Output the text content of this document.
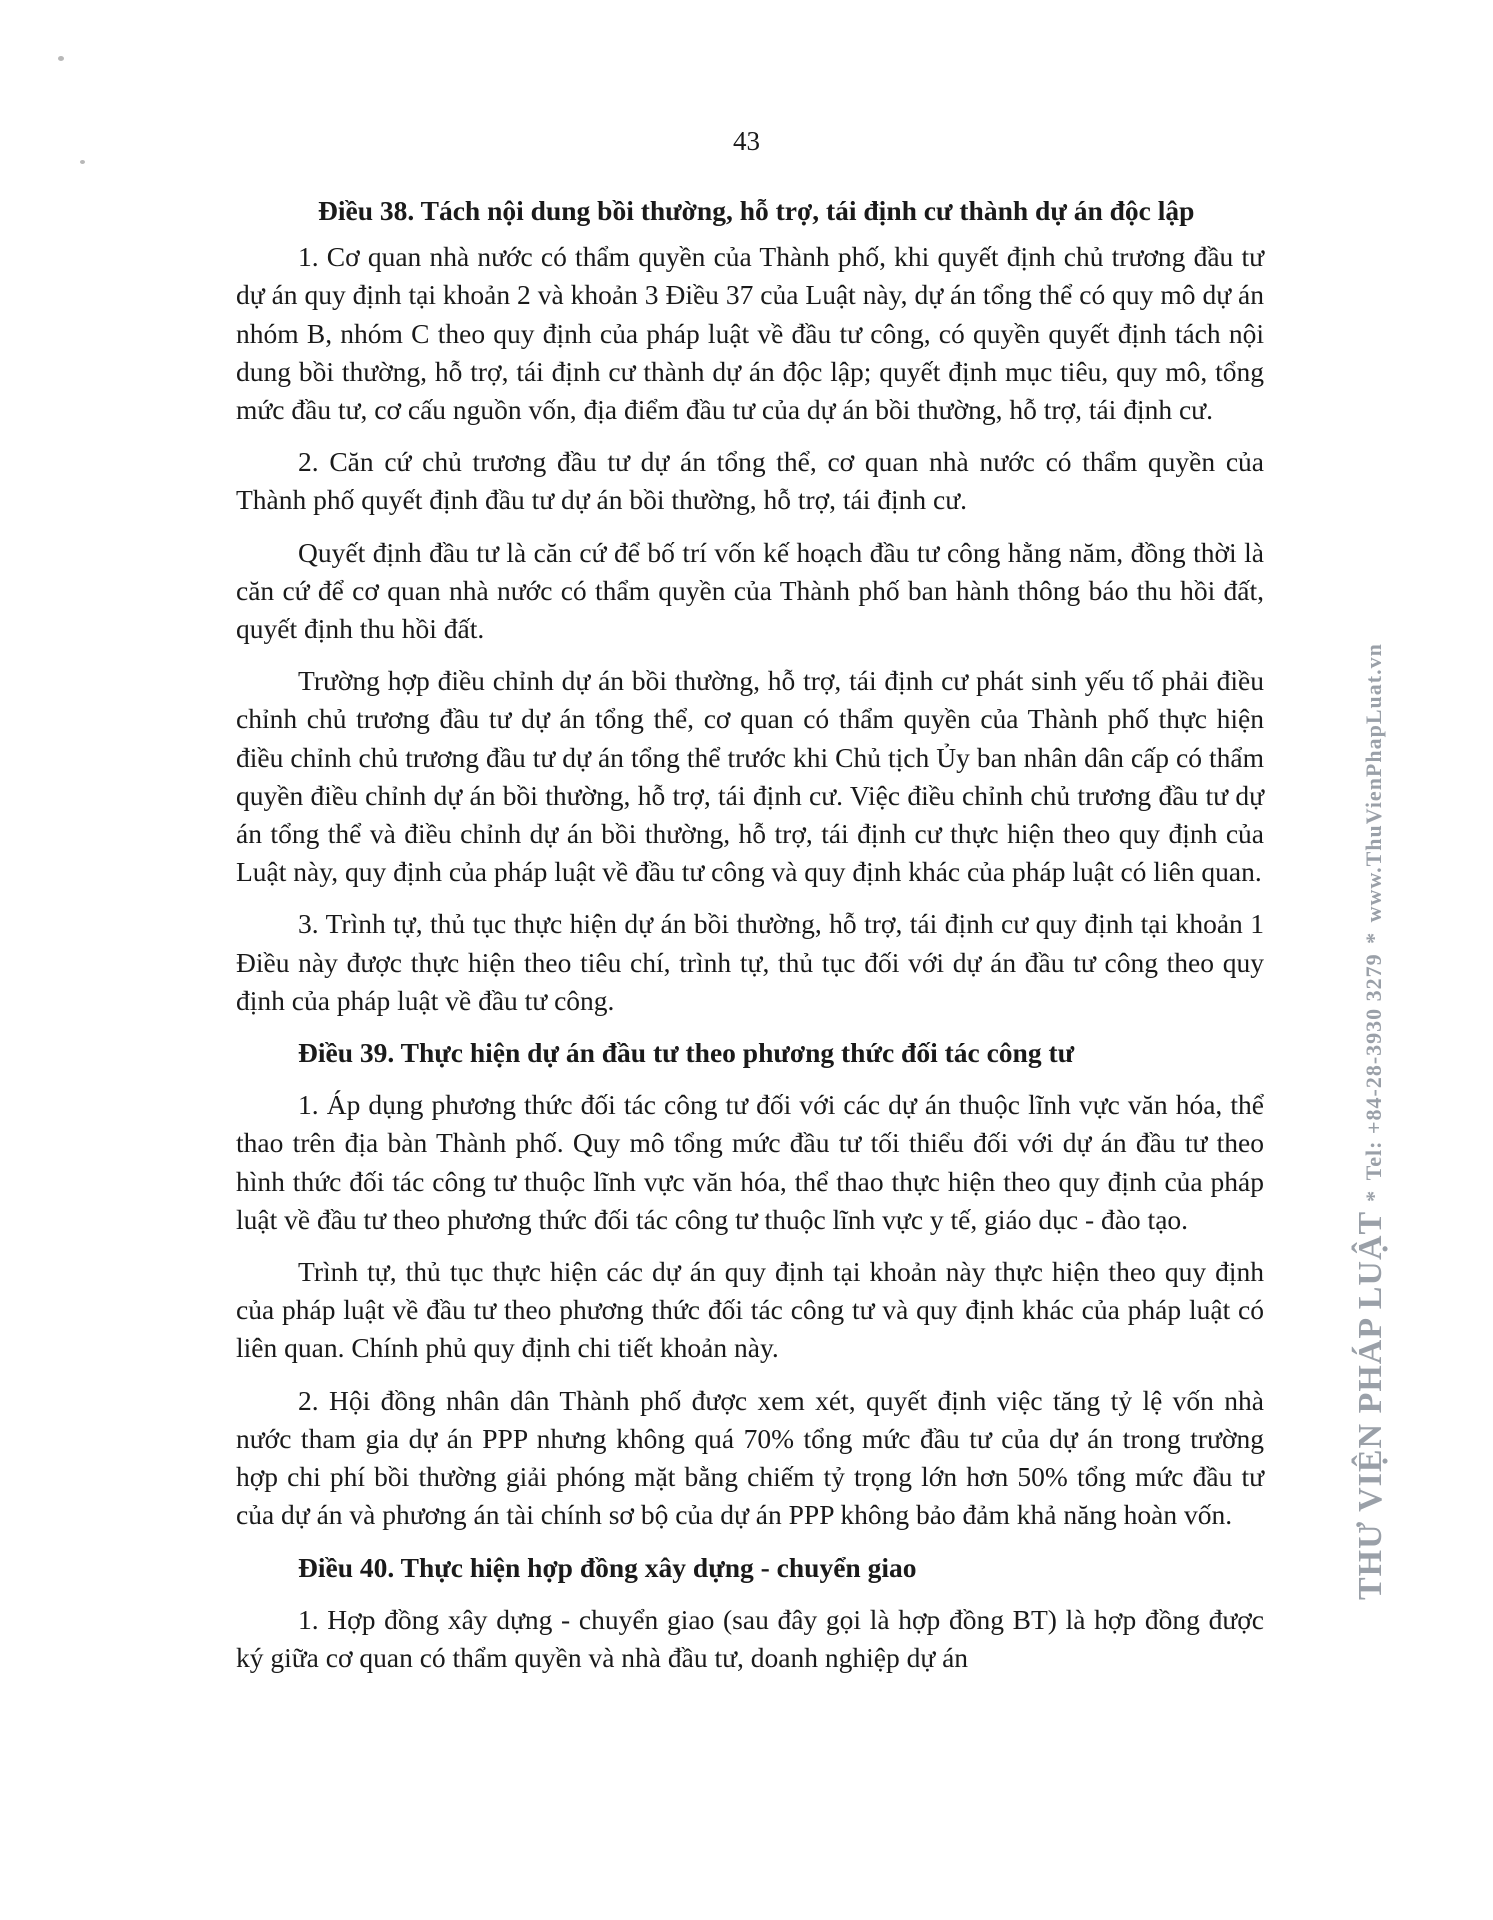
43

Điều 38. Tách nội dung bồi thường, hỗ trợ, tái định cư thành dự án độc lập

1. Cơ quan nhà nước có thẩm quyền của Thành phố, khi quyết định chủ trương đầu tư dự án quy định tại khoản 2 và khoản 3 Điều 37 của Luật này, dự án tổng thể có quy mô dự án nhóm B, nhóm C theo quy định của pháp luật về đầu tư công, có quyền quyết định tách nội dung bồi thường, hỗ trợ, tái định cư thành dự án độc lập; quyết định mục tiêu, quy mô, tổng mức đầu tư, cơ cấu nguồn vốn, địa điểm đầu tư của dự án bồi thường, hỗ trợ, tái định cư.

2. Căn cứ chủ trương đầu tư dự án tổng thể, cơ quan nhà nước có thẩm quyền của Thành phố quyết định đầu tư dự án bồi thường, hỗ trợ, tái định cư.

Quyết định đầu tư là căn cứ để bố trí vốn kế hoạch đầu tư công hằng năm, đồng thời là căn cứ để cơ quan nhà nước có thẩm quyền của Thành phố ban hành thông báo thu hồi đất, quyết định thu hồi đất.

Trường hợp điều chỉnh dự án bồi thường, hỗ trợ, tái định cư phát sinh yếu tố phải điều chỉnh chủ trương đầu tư dự án tổng thể, cơ quan có thẩm quyền của Thành phố thực hiện điều chỉnh chủ trương đầu tư dự án tổng thể trước khi Chủ tịch Ủy ban nhân dân cấp có thẩm quyền điều chỉnh dự án bồi thường, hỗ trợ, tái định cư. Việc điều chỉnh chủ trương đầu tư dự án tổng thể và điều chỉnh dự án bồi thường, hỗ trợ, tái định cư thực hiện theo quy định của Luật này, quy định của pháp luật về đầu tư công và quy định khác của pháp luật có liên quan.

3. Trình tự, thủ tục thực hiện dự án bồi thường, hỗ trợ, tái định cư quy định tại khoản 1 Điều này được thực hiện theo tiêu chí, trình tự, thủ tục đối với dự án đầu tư công theo quy định của pháp luật về đầu tư công.

Điều 39. Thực hiện dự án đầu tư theo phương thức đối tác công tư

1. Áp dụng phương thức đối tác công tư đối với các dự án thuộc lĩnh vực văn hóa, thể thao trên địa bàn Thành phố. Quy mô tổng mức đầu tư tối thiểu đối với dự án đầu tư theo hình thức đối tác công tư thuộc lĩnh vực văn hóa, thể thao thực hiện theo quy định của pháp luật về đầu tư theo phương thức đối tác công tư thuộc lĩnh vực y tế, giáo dục - đào tạo.

Trình tự, thủ tục thực hiện các dự án quy định tại khoản này thực hiện theo quy định của pháp luật về đầu tư theo phương thức đối tác công tư và quy định khác của pháp luật có liên quan. Chính phủ quy định chi tiết khoản này.

2. Hội đồng nhân dân Thành phố được xem xét, quyết định việc tăng tỷ lệ vốn nhà nước tham gia dự án PPP nhưng không quá 70% tổng mức đầu tư của dự án trong trường hợp chi phí bồi thường giải phóng mặt bằng chiếm tỷ trọng lớn hơn 50% tổng mức đầu tư của dự án và phương án tài chính sơ bộ của dự án PPP không bảo đảm khả năng hoàn vốn.

Điều 40. Thực hiện hợp đồng xây dựng - chuyển giao

1. Hợp đồng xây dựng - chuyển giao (sau đây gọi là hợp đồng BT) là hợp đồng được ký giữa cơ quan có thẩm quyền và nhà đầu tư, doanh nghiệp dự án

THƯ VIỆN PHÁP LUẬT * Tel: +84-28-3930 3279 * www.ThuVienPhapLuat.vn
